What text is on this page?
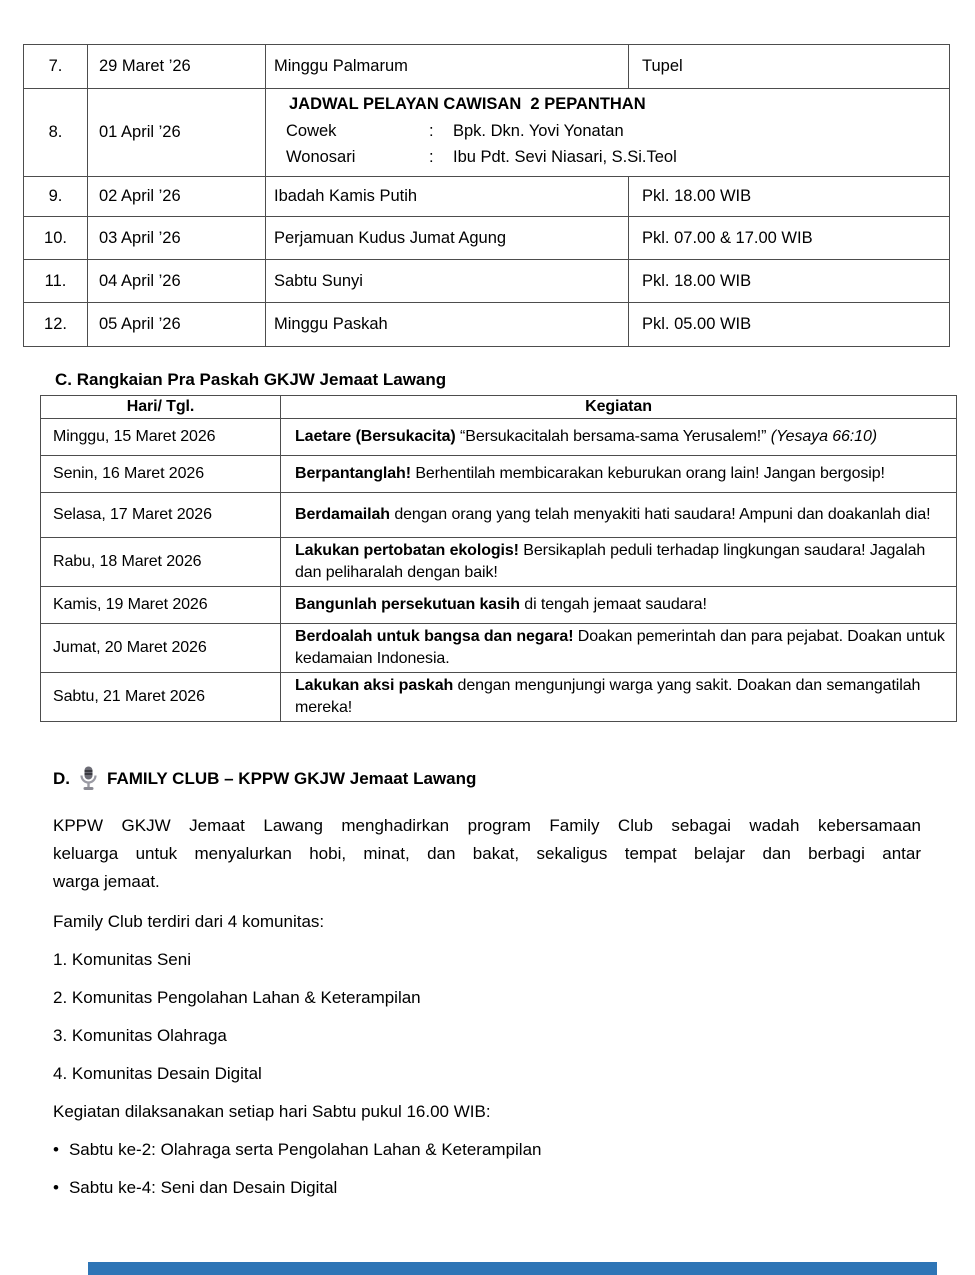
7.	29 Maret ’26	Minggu Palmarum	Tupel
8.	01 April ’26	
JADWAL PELAYAN CAWISAN  2 PEPANTHAN
Cowek	:	Bpk. Dkn. Yovi Yonatan
Wonosari	:	Ibu Pdt. Sevi Niasari, S.Si.Teol

9.	02 April ’26	Ibadah Kamis Putih	Pkl. 18.00 WIB
10.	03 April ’26	Perjamuan Kudus Jumat Agung	Pkl. 07.00 & 17.00 WIB
11.	04 April ’26	Sabtu Sunyi	Pkl. 18.00 WIB
12.	05 April ’26	Minggu Paskah	Pkl. 05.00 WIB
C. Rangkaian Pra Paskah GKJW Jemaat Lawang
Hari/ Tgl.	Kegiatan
Minggu, 15 Maret 2026	Laetare (Bersukacita) “Bersukacitalah bersama-sama Yerusalem!” (Yesaya 66:10)
Senin, 16 Maret 2026	Berpantanglah! Berhentilah membicarakan keburukan orang lain! Jangan bergosip!
Selasa, 17 Maret 2026	Berdamailah dengan orang yang telah menyakiti hati saudara! Ampuni dan doakanlah dia!
Rabu, 18 Maret 2026	Lakukan pertobatan ekologis! Bersikaplah peduli terhadap lingkungan saudara! Jagalah dan peliharalah dengan baik!
Kamis, 19 Maret 2026	Bangunlah persekutuan kasih di tengah jemaat saudara!
Jumat, 20 Maret 2026	Berdoalah untuk bangsa dan negara! Doakan pemerintah dan para pejabat. Doakan untuk kedamaian Indonesia.
Sabtu, 21 Maret 2026	Lakukan aksi paskah dengan mengunjungi warga yang sakit. Doakan dan semangatilah mereka!
D. FAMILY CLUB – KPPW GKJW Jemaat Lawang
KPPW GKJW Jemaat Lawang menghadirkan program Family Club sebagai wadah kebersamaan
keluarga untuk menyalurkan hobi, minat, dan bakat, sekaligus tempat belajar dan berbagi antar
warga jemaat.
Family Club terdiri dari 4 komunitas:
1. Komunitas Seni
2. Komunitas Pengolahan Lahan & Keterampilan
3. Komunitas Olahraga
4. Komunitas Desain Digital
Kegiatan dilaksanakan setiap hari Sabtu pukul 16.00 WIB:
• Sabtu ke-2: Olahraga serta Pengolahan Lahan & Keterampilan
• Sabtu ke-4: Seni dan Desain Digital
